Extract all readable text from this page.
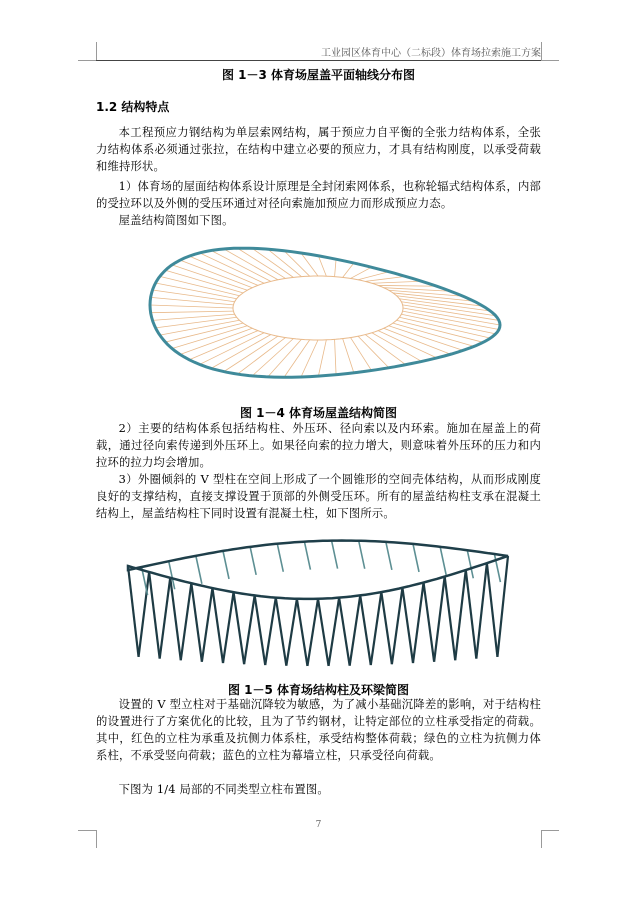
工业园区体育中心（二标段）体育场拉索施工方案
图 1－3 体育场屋盖平面轴线分布图
1.2 结构特点

本工程预应力钢结构为单层索网结构，属于预应力自平衡的全张力结构体系，全张力结构体系必须通过张拉，在结构中建立必要的预应力，才具有结构刚度，以承受荷载和维持形状。

1）体育场的屋面结构体系设计原理是全封闭索网体系，也称轮辐式结构体系，内部的受拉环以及外侧的受压环通过对径向索施加预应力而形成预应力态。

屋盖结构简图如下图。

图 1－4 体育场屋盖结构简图

2）主要的结构体系包括结构柱、外压环、径向索以及内环索。施加在屋盖上的荷载，通过径向索传递到外压环上。如果径向索的拉力增大，则意味着外压环的压力和内拉环的拉力均会增加。

3）外圈倾斜的 V 型柱在空间上形成了一个圆锥形的空间壳体结构，从而形成刚度良好的支撑结构，直接支撑设置于顶部的外侧受压环。所有的屋盖结构柱支承在混凝土结构上，屋盖结构柱下同时设置有混凝土柱，如下图所示。

图 1－5 体育场结构柱及环梁简图

设置的 V 型立柱对于基础沉降较为敏感，为了减小基础沉降差的影响，对于结构柱的设置进行了方案优化的比较，且为了节约钢材，让特定部位的立柱承受指定的荷载。其中，红色的立柱为承重及抗侧力体系柱，承受结构整体荷载；绿色的立柱为抗侧力体系柱，不承受竖向荷载；蓝色的立柱为幕墙立柱，只承受径向荷载。

下图为 1/4 局部的不同类型立柱布置图。

7
